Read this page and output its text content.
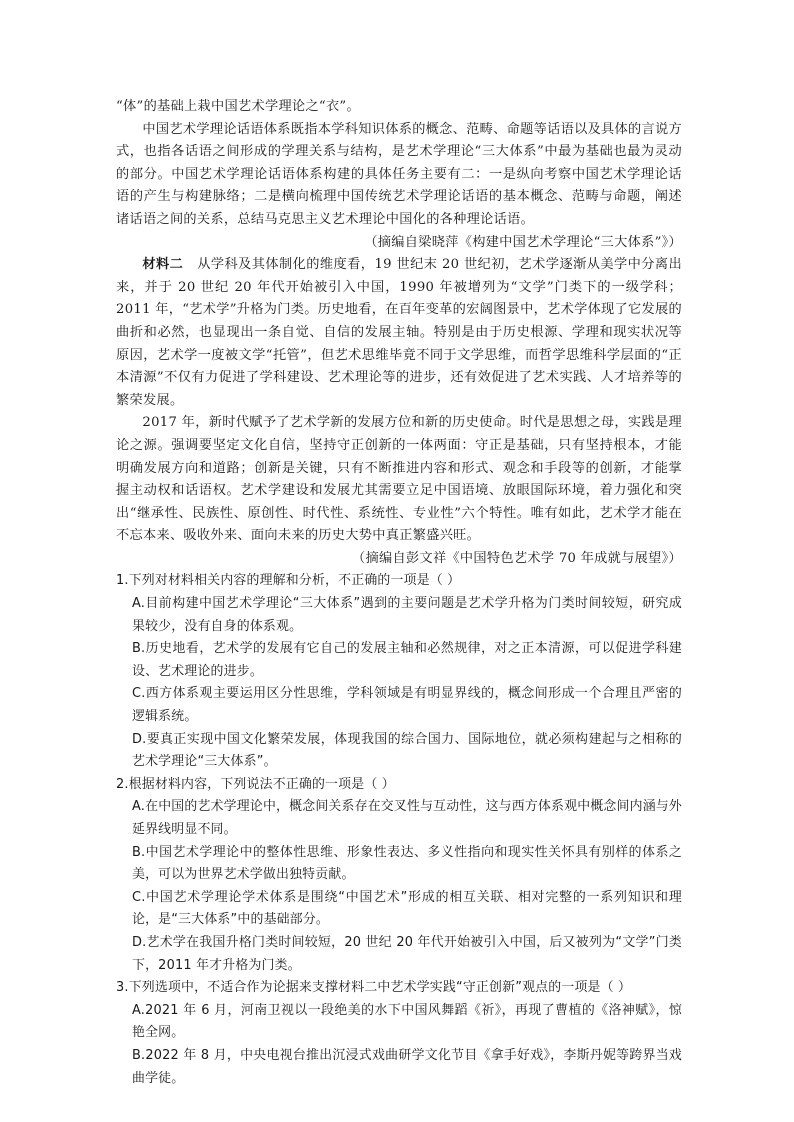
“体”的基础上栽中国艺术学理论之“衣”。

中国艺术学理论话语体系既指本学科知识体系的概念、范畴、命题等话语以及具体的言说方式，也指各话语之间形成的学理关系与结构，是艺术学理论“三大体系”中最为基础也最为灵动的部分。中国艺术学理论话语体系构建的具体任务主要有二：一是纵向考察中国艺术学理论话语的产生与构建脉络；二是横向梳理中国传统艺术学理论话语的基本概念、范畴与命题，阐述诸话语之间的关系，总结马克思主义艺术理论中国化的各种理论话语。

（摘编自梁晓萍《构建中国艺术学理论“三大体系”》）

材料二 从学科及其体制化的维度看，19 世纪末 20 世纪初，艺术学逐渐从美学中分离出来，并于 20 世纪 20 年代开始被引入中国，1990 年被增列为“文学”门类下的一级学科；2011 年，“艺术学”升格为门类。历史地看，在百年变革的宏阔图景中，艺术学体现了它发展的曲折和必然，也显现出一条自觉、自信的发展主轴。特别是由于历史根源、学理和现实状况等原因，艺术学一度被文学“托管”，但艺术思维毕竟不同于文学思维，而哲学思维科学层面的“正本清源”不仅有力促进了学科建设、艺术理论等的进步，还有效促进了艺术实践、人才培养等的繁荣发展。

2017 年，新时代赋予了艺术学新的发展方位和新的历史使命。时代是思想之母，实践是理论之源。强调要坚定文化自信，坚持守正创新的一体两面：守正是基础，只有坚持根本，才能明确发展方向和道路；创新是关键，只有不断推进内容和形式、观念和手段等的创新，才能掌握主动权和话语权。艺术学建设和发展尤其需要立足中国语境、放眼国际环境，着力强化和突出“继承性、民族性、原创性、时代性、系统性、专业性”六个特性。唯有如此，艺术学才能在不忘本来、吸收外来、面向未来的历史大势中真正繁盛兴旺。

（摘编自彭文祥《中国特色艺术学 70 年成就与展望》）

1.下列对材料相关内容的理解和分析，不正确的一项是（ ）

A.目前构建中国艺术学理论“三大体系”遇到的主要问题是艺术学升格为门类时间较短，研究成果较少，没有自身的体系观。

B.历史地看，艺术学的发展有它自己的发展主轴和必然规律，对之正本清源，可以促进学科建设、艺术理论的进步。

C.西方体系观主要运用区分性思维，学科领域是有明显界线的，概念间形成一个合理且严密的逻辑系统。

D.要真正实现中国文化繁荣发展，体现我国的综合国力、国际地位，就必须构建起与之相称的艺术学理论“三大体系”。

2.根据材料内容，下列说法不正确的一项是（ ）

A.在中国的艺术学理论中，概念间关系存在交叉性与互动性，这与西方体系观中概念间内涵与外延界线明显不同。

B.中国艺术学理论中的整体性思维、形象性表达、多义性指向和现实性关怀具有别样的体系之美，可以为世界艺术学做出独特贡献。

C.中国艺术学理论学术体系是围绕“中国艺术”形成的相互关联、相对完整的一系列知识和理论，是“三大体系”中的基础部分。

D.艺术学在我国升格门类时间较短，20 世纪 20 年代开始被引入中国，后又被列为“文学”门类下，2011 年才升格为门类。

3.下列选项中，不适合作为论据来支撑材料二中艺术学实践“守正创新”观点的一项是（ ）

A.2021 年 6 月，河南卫视以一段绝美的水下中国风舞蹈《祈》，再现了曹植的《洛神赋》，惊艳全网。

B.2022 年 8 月，中央电视台推出沉浸式戏曲研学文化节目《拿手好戏》，李斯丹妮等跨界当戏曲学徒。
